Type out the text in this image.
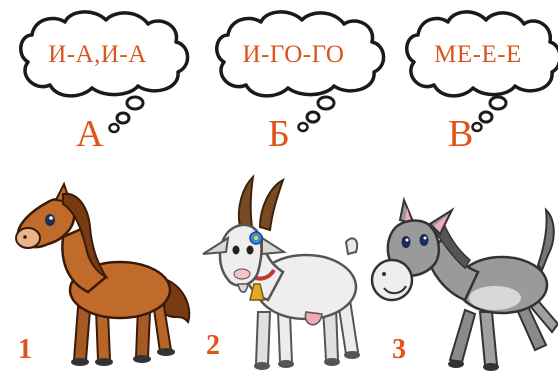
И-А,И-А
А
И-ГО-ГО
Б
МЕ-Е-Е
В
1	2	3
